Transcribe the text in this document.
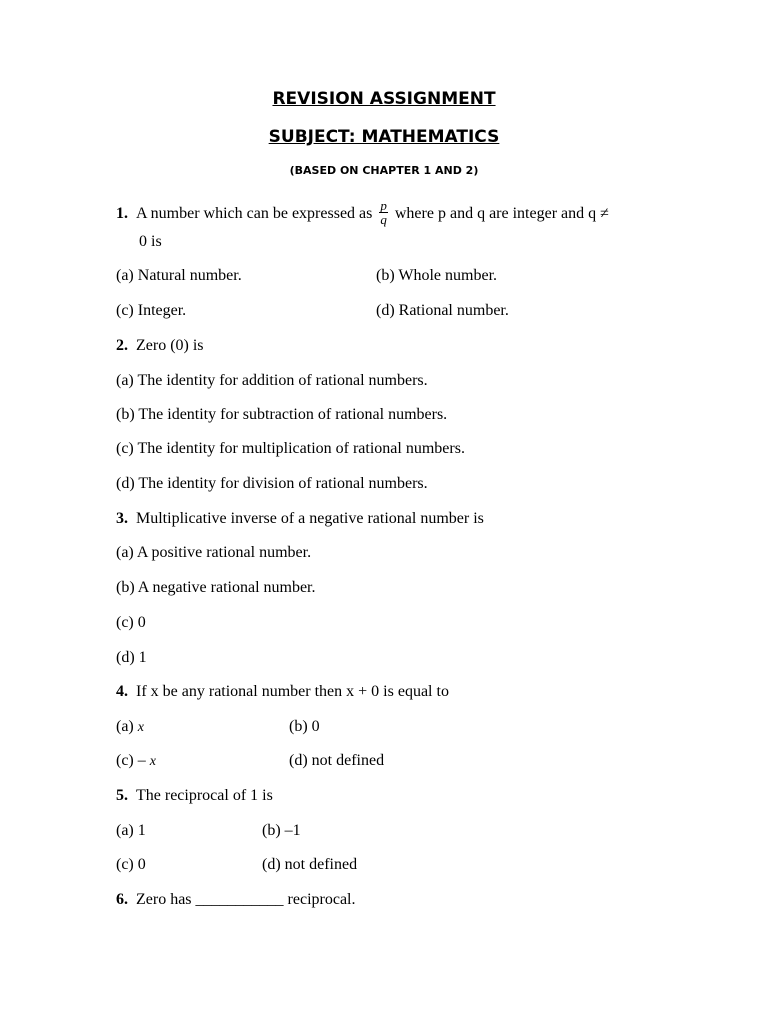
REVISION ASSIGNMENT
SUBJECT: MATHEMATICS
(BASED ON CHAPTER 1 AND 2)
1. A number which can be expressed as $\frac{p}{q}$ where p and q are integer and q ≠
0 is
(a) Natural number.	(b) Whole number.
(c) Integer.	(d) Rational number.
2. Zero (0) is
(a) The identity for addition of rational numbers.
(b) The identity for subtraction of rational numbers.
(c) The identity for multiplication of rational numbers.
(d) The identity for division of rational numbers.
3. Multiplicative inverse of a negative rational number is
(a) A positive rational number.
(b) A negative rational number.
(c) 0
(d) 1
4. If x be any rational number then x + 0 is equal to
(a) x	(b) 0
(c) – x	(d) not defined
5. The reciprocal of 1 is
(a) 1	(b) –1
(c) 0	(d) not defined
6. Zero has ___________ reciprocal.
